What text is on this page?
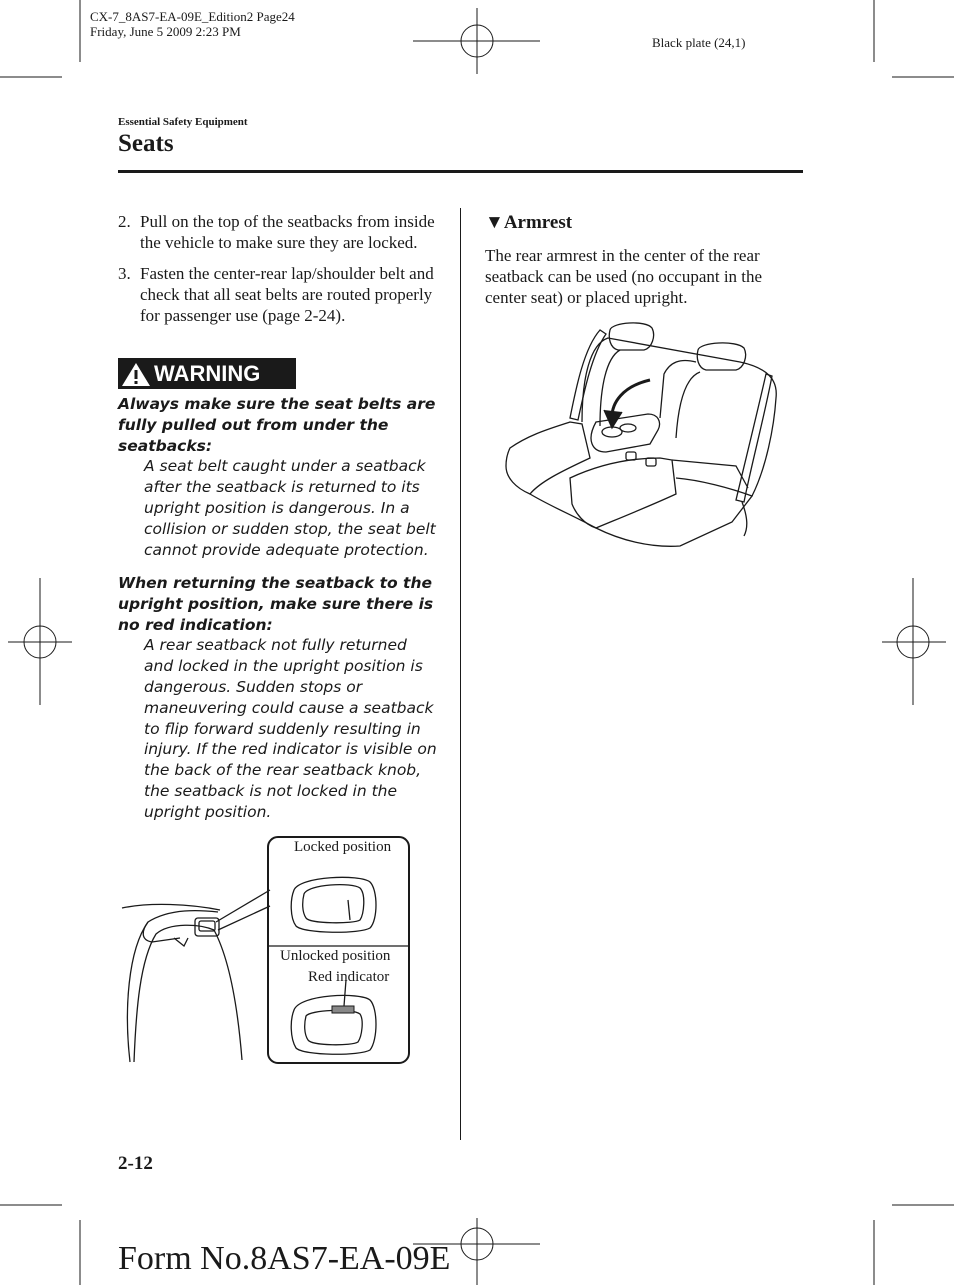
CX-7_8AS7-EA-09E_Edition2 Page24
Friday, June 5 2009 2:23 PM
Black plate (24,1)
Essential Safety Equipment
Seats
2. Pull on the top of the seatbacks from inside the vehicle to make sure they are locked.
3. Fasten the center-rear lap/shoulder belt and check that all seat belts are routed properly for passenger use (page 2-24).
WARNING
Always make sure the seat belts are fully pulled out from under the seatbacks:
A seat belt caught under a seatback after the seatback is returned to its upright position is dangerous. In a collision or sudden stop, the seat belt cannot provide adequate protection.
When returning the seatback to the upright position, make sure there is no red indication:
A rear seatback not fully returned and locked in the upright position is dangerous. Sudden stops or maneuvering could cause a seatback to flip forward suddenly resulting in injury. If the red indicator is visible on the back of the rear seatback knob, the seatback is not locked in the upright position.
Locked position
Unlocked position
Red indicator
▼Armrest
The rear armrest in the center of the rear seatback can be used (no occupant in the center seat) or placed upright.
2-12
Form No.8AS7-EA-09E
